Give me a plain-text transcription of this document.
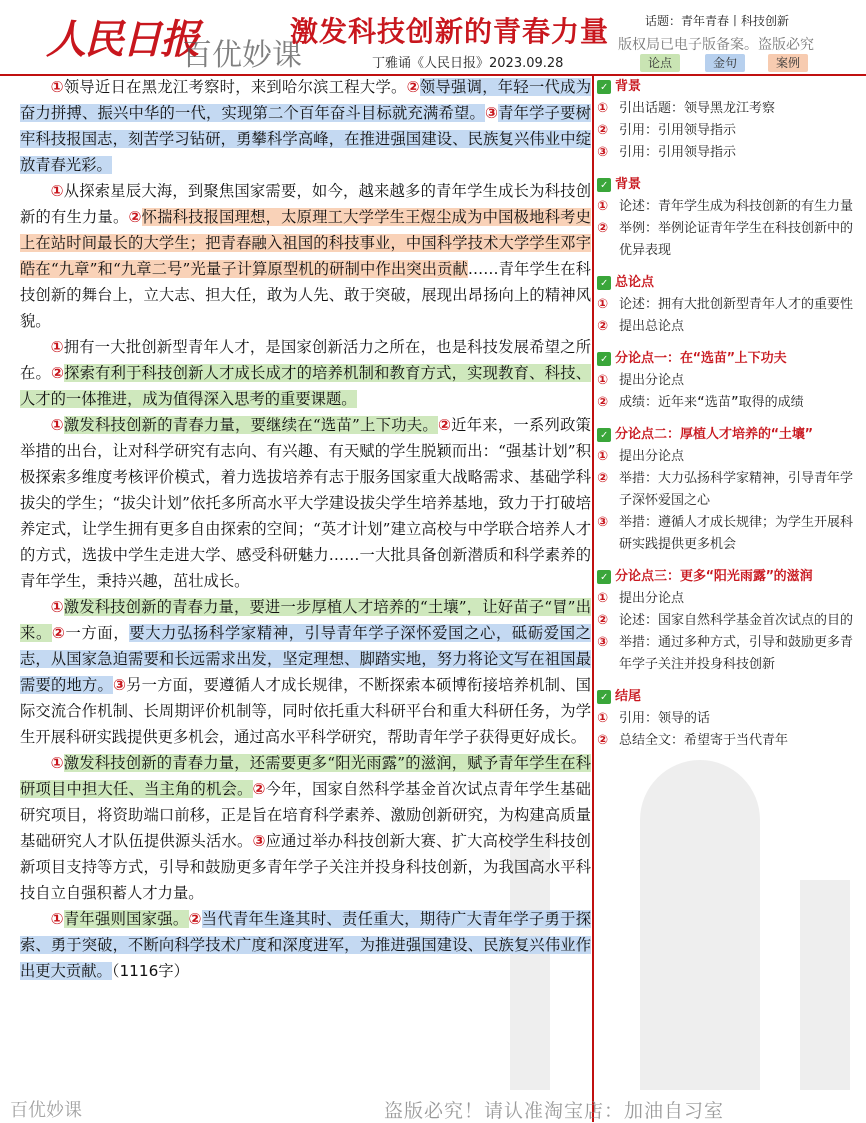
人民日报
百优妙课
激发科技创新的青春力量
丁雅诵《人民日报》2023.09.28
话题：青年青春丨科技创新
版权局已电子版备案。盗版必究
论点	金句	案例

①领导近日在黑龙江考察时，来到哈尔滨工程大学。②领导强调，年轻一代成为奋力拼搏、振兴中华的一代，实现第二个百年奋斗目标就充满希望。③青年学子要树牢科技报国志，刻苦学习钻研，勇攀科学高峰，在推进强国建设、民族复兴伟业中绽放青春光彩。

①从探索星辰大海，到聚焦国家需要，如今，越来越多的青年学生成长为科技创新的有生力量。②怀揣科技报国理想，太原理工大学学生王煜尘成为中国极地科考史上在站时间最长的大学生；把青春融入祖国的科技事业，中国科学技术大学学生邓宇皓在“九章”和“九章二号”光量子计算原型机的研制中作出突出贡献……青年学生在科技创新的舞台上，立大志、担大任，敢为人先、敢于突破，展现出昂扬向上的精神风貌。

①拥有一大批创新型青年人才，是国家创新活力之所在，也是科技发展希望之所在。②探索有利于科技创新人才成长成才的培养机制和教育方式，实现教育、科技、人才的一体推进，成为值得深入思考的重要课题。

①激发科技创新的青春力量，要继续在“选苗”上下功夫。②近年来，一系列政策举措的出台，让对科学研究有志向、有兴趣、有天赋的学生脱颖而出：“强基计划”积极探索多维度考核评价模式，着力选拔培养有志于服务国家重大战略需求、基础学科拔尖的学生；“拔尖计划”依托多所高水平大学建设拔尖学生培养基地，致力于打破培养定式，让学生拥有更多自由探索的空间；“英才计划”建立高校与中学联合培养人才的方式，选拔中学生走进大学、感受科研魅力……一大批具备创新潜质和科学素养的青年学生，秉持兴趣，茁壮成长。

①激发科技创新的青春力量，要进一步厚植人才培养的“土壤”，让好苗子“冒”出来。②一方面，要大力弘扬科学家精神，引导青年学子深怀爱国之心，砥砺爱国之志，从国家急迫需要和长远需求出发，坚定理想、脚踏实地，努力将论文写在祖国最需要的地方。③另一方面，要遵循人才成长规律，不断探索本硕博衔接培养机制、国际交流合作机制、长周期评价机制等，同时依托重大科研平台和重大科研任务，为学生开展科研实践提供更多机会，通过高水平科学研究，帮助青年学子获得更好成长。

①激发科技创新的青春力量，还需要更多“阳光雨露”的滋润，赋予青年学生在科研项目中担大任、当主角的机会。②今年，国家自然科学基金首次试点青年学生基础研究项目，将资助端口前移，正是旨在培育科学素养、激励创新研究，为构建高质量基础研究人才队伍提供源头活水。③应通过举办科技创新大赛、扩大高校学生科技创新项目支持等方式，引导和鼓励更多青年学子关注并投身科技创新，为我国高水平科技自立自强积蓄人才力量。

①青年强则国家强。②当代青年生逢其时、责任重大，期待广大青年学子勇于探索、勇于突破，不断向科学技术广度和深度进军，为推进强国建设、民族复兴伟业作出更大贡献。（1116字）

✓ 背景
① 引出话题：领导黑龙江考察
② 引用：引用领导指示
③ 引用：引用领导指示
✓ 背景
① 论述：青年学生成为科技创新的有生力量
② 举例：举例论证青年学生在科技创新中的优异表现
✓ 总论点
① 论述：拥有大批创新型青年人才的重要性
② 提出总论点
✓ 分论点一：在“选苗”上下功夫
① 提出分论点
② 成绩：近年来“选苗”取得的成绩
✓ 分论点二：厚植人才培养的“土壤”
① 提出分论点
② 举措：大力弘扬科学家精神，引导青年学子深怀爱国之心
③ 举措：遵循人才成长规律；为学生开展科研实践提供更多机会
✓ 分论点三：更多“阳光雨露”的滋润
① 提出分论点
② 论述：国家自然科学基金首次试点的目的
③ 举措：通过多种方式，引导和鼓励更多青年学子关注并投身科技创新
✓ 结尾
① 引用：领导的话
② 总结全文：希望寄于当代青年
百优妙课	盗版必究！请认准淘宝店：加油自习室
